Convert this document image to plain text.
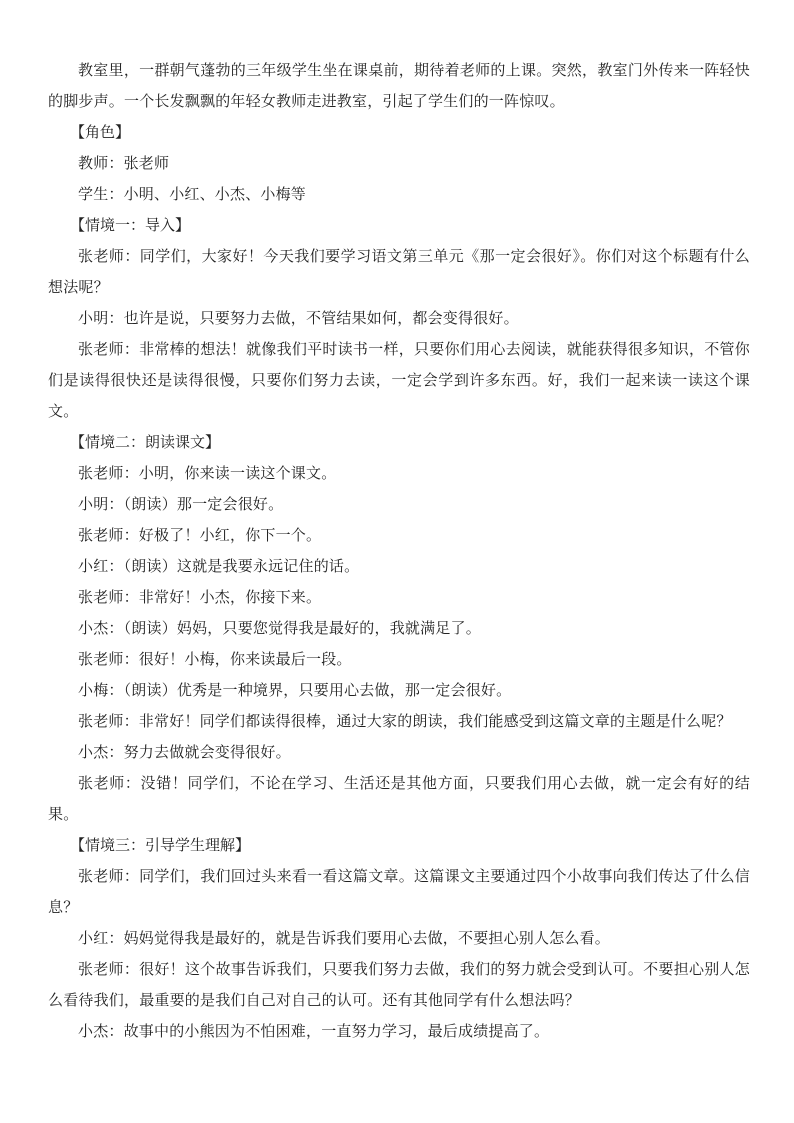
教室里，一群朝气蓬勃的三年级学生坐在课桌前，期待着老师的上课。突然，教室门外传来一阵轻快的脚步声。一个长发飘飘的年轻女教师走进教室，引起了学生们的一阵惊叹。

【角色】

教师：张老师

学生：小明、小红、小杰、小梅等

【情境一：导入】

张老师：同学们，大家好！今天我们要学习语文第三单元《那一定会很好》。你们对这个标题有什么想法呢？

小明：也许是说，只要努力去做，不管结果如何，都会变得很好。

张老师：非常棒的想法！就像我们平时读书一样，只要你们用心去阅读，就能获得很多知识，不管你们是读得很快还是读得很慢，只要你们努力去读，一定会学到许多东西。好，我们一起来读一读这个课文。

【情境二：朗读课文】

张老师：小明，你来读一读这个课文。

小明：（朗读）那一定会很好。

张老师：好极了！小红，你下一个。

小红：（朗读）这就是我要永远记住的话。

张老师：非常好！小杰，你接下来。

小杰：（朗读）妈妈，只要您觉得我是最好的，我就满足了。

张老师：很好！小梅，你来读最后一段。

小梅：（朗读）优秀是一种境界，只要用心去做，那一定会很好。

张老师：非常好！同学们都读得很棒，通过大家的朗读，我们能感受到这篇文章的主题是什么呢？

小杰：努力去做就会变得很好。

张老师：没错！同学们，不论在学习、生活还是其他方面，只要我们用心去做，就一定会有好的结果。

【情境三：引导学生理解】

张老师：同学们，我们回过头来看一看这篇文章。这篇课文主要通过四个小故事向我们传达了什么信息？

小红：妈妈觉得我是最好的，就是告诉我们要用心去做，不要担心别人怎么看。

张老师：很好！这个故事告诉我们，只要我们努力去做，我们的努力就会受到认可。不要担心别人怎么看待我们，最重要的是我们自己对自己的认可。还有其他同学有什么想法吗？

小杰：故事中的小熊因为不怕困难，一直努力学习，最后成绩提高了。
